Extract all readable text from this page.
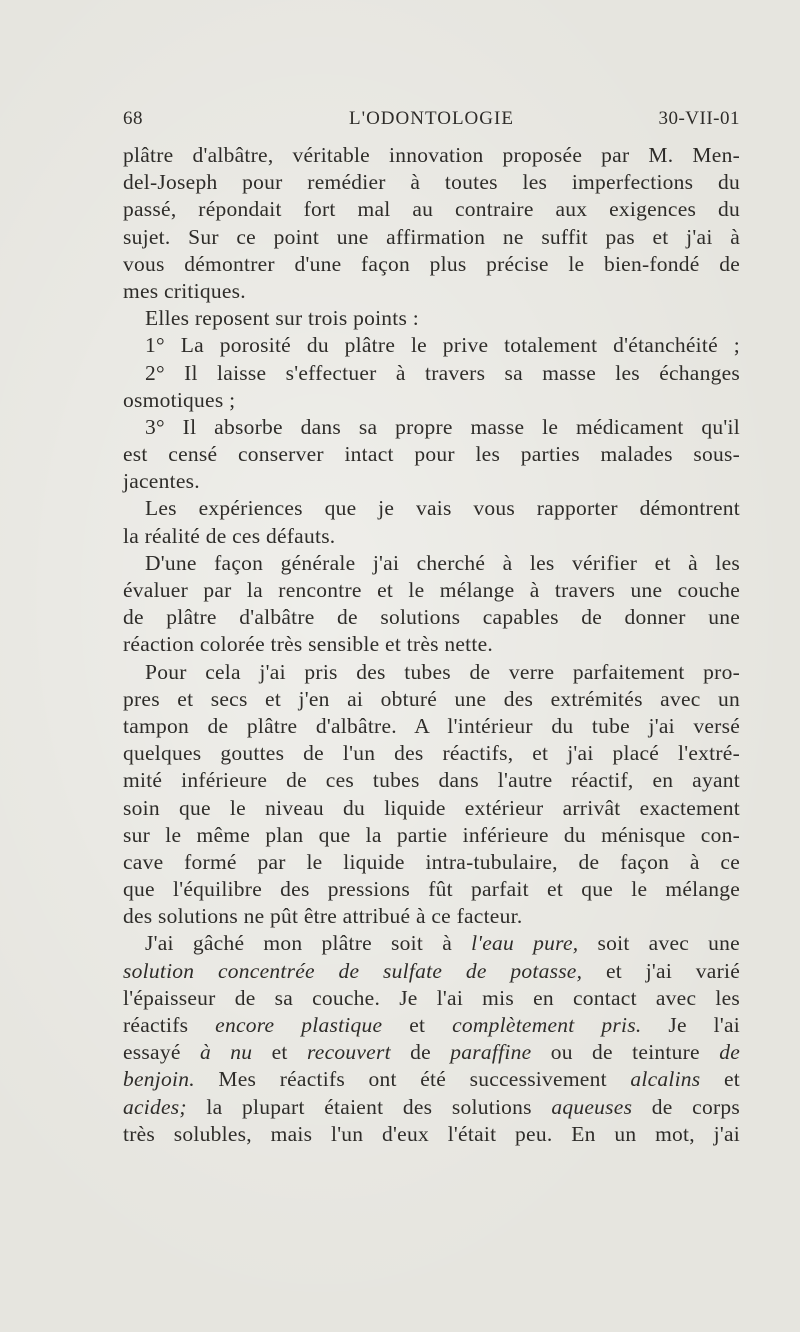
68	L'ODONTOLOGIE	30-VII-01
plâtre d'albâtre, véritable innovation proposée par M. Men-
del-Joseph pour remédier à toutes les imperfections du
passé, répondait fort mal au contraire aux exigences du
sujet. Sur ce point une affirmation ne suffit pas et j'ai à
vous démontrer d'une façon plus précise le bien-fondé de
mes critiques.
Elles reposent sur trois points :
1° La porosité du plâtre le prive totalement d'étanchéité ;
2° Il laisse s'effectuer à travers sa masse les échanges
osmotiques ;
3° Il absorbe dans sa propre masse le médicament qu'il
est censé conserver intact pour les parties malades sous-
jacentes.
Les expériences que je vais vous rapporter démontrent
la réalité de ces défauts.
D'une façon générale j'ai cherché à les vérifier et à les
évaluer par la rencontre et le mélange à travers une couche
de plâtre d'albâtre de solutions capables de donner une
réaction colorée très sensible et très nette.
Pour cela j'ai pris des tubes de verre parfaitement pro-
pres et secs et j'en ai obturé une des extrémités avec un
tampon de plâtre d'albâtre. A l'intérieur du tube j'ai versé
quelques gouttes de l'un des réactifs, et j'ai placé l'extré-
mité inférieure de ces tubes dans l'autre réactif, en ayant
soin que le niveau du liquide extérieur arrivât exactement
sur le même plan que la partie inférieure du ménisque con-
cave formé par le liquide intra-tubulaire, de façon à ce
que l'équilibre des pressions fût parfait et que le mélange
des solutions ne pût être attribué à ce facteur.
J'ai gâché mon plâtre soit à l'eau pure, soit avec une
solution concentrée de sulfate de potasse, et j'ai varié
l'épaisseur de sa couche. Je l'ai mis en contact avec les
réactifs encore plastique et complètement pris. Je l'ai
essayé à nu et recouvert de paraffine ou de teinture de
benjoin. Mes réactifs ont été successivement alcalins et
acides; la plupart étaient des solutions aqueuses de corps
très solubles, mais l'un d'eux l'était peu. En un mot, j'ai
